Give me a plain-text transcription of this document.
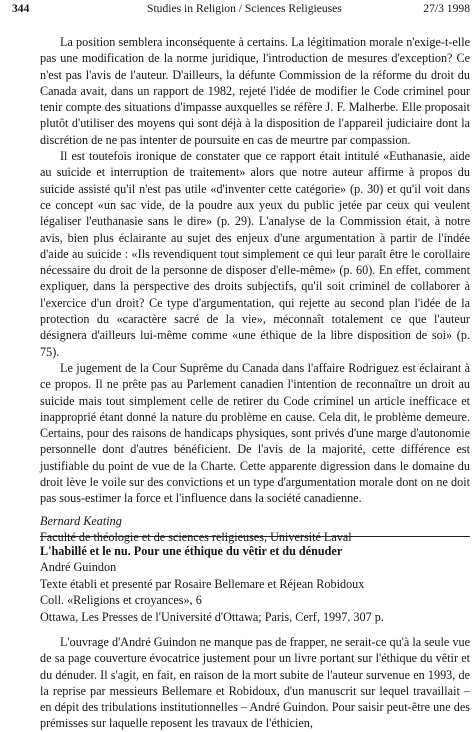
344	Studies in Religion / Sciences Religieuses	27/3 1998

La position semblera inconséquente à certains. La légitimation morale n'exige-t-elle pas une modification de la norme juridique, l'introduction de mesures d'exception? Ce n'est pas l'avis de l'auteur. D'ailleurs, la défunte Commission de la réforme du droit du Canada avait, dans un rapport de 1982, rejeté l'idée de modifier le Code criminel pour tenir compte des situations d'impasse auxquelles se réfère J. F. Malherbe. Elle proposait plutôt d'utiliser des moyens qui sont déjà à la disposition de l'appareil judiciaire dont la discrétion de ne pas intenter de poursuite en cas de meurtre par compassion.

Il est toutefois ironique de constater que ce rapport était intitulé «Euthanasie, aide au suicide et interruption de traitement» alors que notre auteur affirme à propos du suicide assisté qu'il n'est pas utile «d'inventer cette catégorie» (p. 30) et qu'il voit dans ce concept «un sac vide, de la poudre aux yeux du public jetée par ceux qui veulent légaliser l'euthanasie sans le dire» (p. 29). L'analyse de la Commission était, à notre avis, bien plus éclairante au sujet des enjeux d'une argumentation à partir de l'indée d'aide au suicide : «Ils revendiquent tout simplement ce qui leur paraît être le corollaire nécessaire du droit de la personne de disposer d'elle-même» (p. 60). En effet, comment expliquer, dans la perspective des droits subjectifs, qu'il soit criminel de collaborer à l'exercice d'un droit? Ce type d'argumentation, qui rejette au second plan l'idée de la protection du «caractère sacré de la vie», méconnaît totalement ce que l'auteur désignera d'ailleurs lui-même comme «une éthique de la libre disposition de soi» (p. 75).

Le jugement de la Cour Suprême du Canada dans l'affaire Rodriguez est éclairant à ce propos. Il ne prête pas au Parlement canadien l'intention de reconnaître un droit au suicide mais tout simplement celle de retirer du Code criminel un article inefficace et inapproprié étant donné la nature du problème en cause. Cela dit, le problème demeure. Certains, pour des raisons de handicaps physiques, sont privés d'une marge d'autonomie personnelle dont d'autres bénéficient. De l'avis de la majorité, cette différence est justifiable du point de vue de la Charte. Cette apparente digression dans le domaine du droit lève le voile sur des convictions et un type d'argumentation morale dont on ne doit pas sous-estimer la force et l'influence dans la société canadienne.

Bernard Keating
Faculté de théologie et de sciences religieuses, Université Laval
L'habillé et le nu. Pour une éthique du vêtir et du dénuder
André Guindon
Texte établi et presenté par Rosaire Bellemare et Réjean Robidoux
Coll. «Religions et croyances», 6
Ottawa, Les Presses de l'Université d'Ottawa; Paris, Cerf, 1997. 307 p.

L'ouvrage d'André Guindon ne manque pas de frapper, ne serait-ce qu'à la seule vue de sa page couverture évocatrice justement pour un livre portant sur l'éthique du vêtir et du dénuder. Il s'agit, en fait, en raison de la mort subite de l'auteur survenue en 1993, de la reprise par messieurs Bellemare et Robidoux, d'un manuscrit sur lequel travaillait – en dépit des tribulations institutionnelles – André Guindon. Pour saisir peut-être une des prémisses sur laquelle reposent les travaux de l'éthicien,
